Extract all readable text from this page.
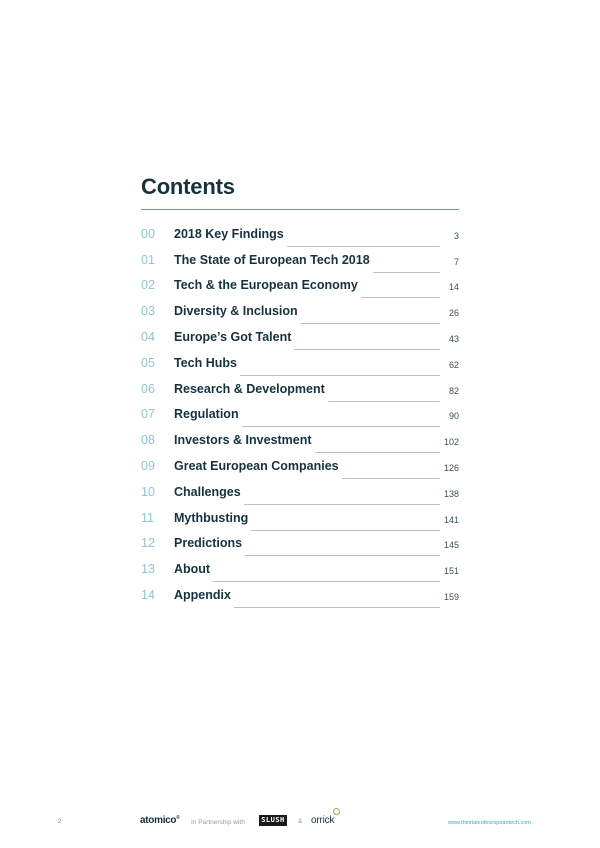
Contents
00	2018 Key Findings	3
01	The State of European Tech 2018	7
02	Tech & the European Economy	14
03	Diversity & Inclusion	26
04	Europe’s Got Talent	43
05	Tech Hubs	62
06	Research & Development	82
07	Regulation	90
08	Investors & Investment	102
09	Great European Companies	126
10	Challenges	138
11	Mythbusting	141
12	Predictions	145
13	About	151
14	Appendix	159
2	atomico®
In Partnership with	SLUSH	& orrick	www.thestateofeuropeantech.com
